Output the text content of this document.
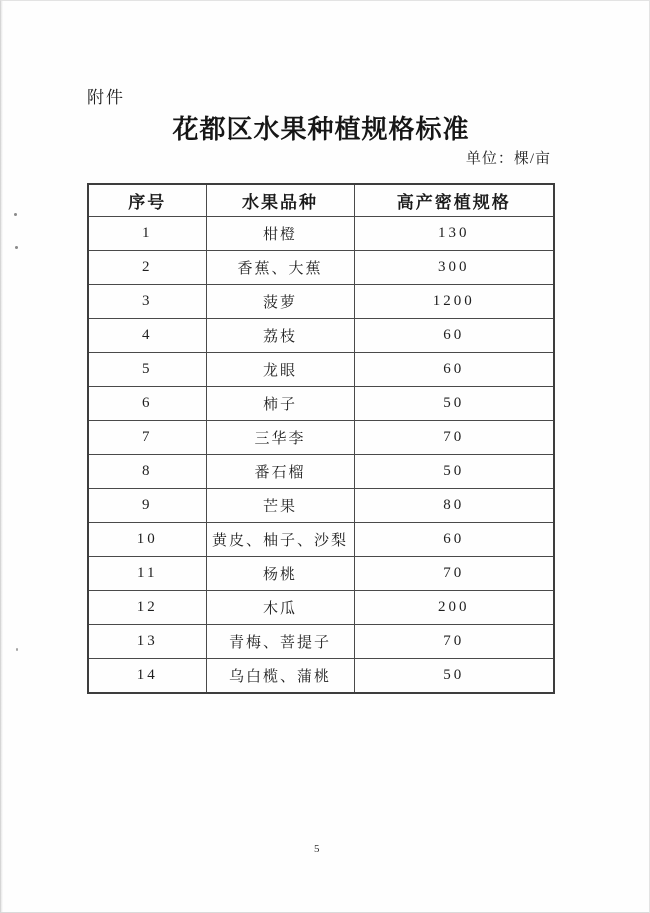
附件
花都区水果种植规格标准
单位：棵/亩
序号	水果品种	高产密植规格
1	柑橙	130
2	香蕉、大蕉	300
3	菠萝	1200
4	荔枝	60
5	龙眼	60
6	柿子	50
7	三华李	70
8	番石榴	50
9	芒果	80
10	黄皮、柚子、沙梨	60
11	杨桃	70
12	木瓜	200
13	青梅、菩提子	70
14	乌白榄、蒲桃	50
5
